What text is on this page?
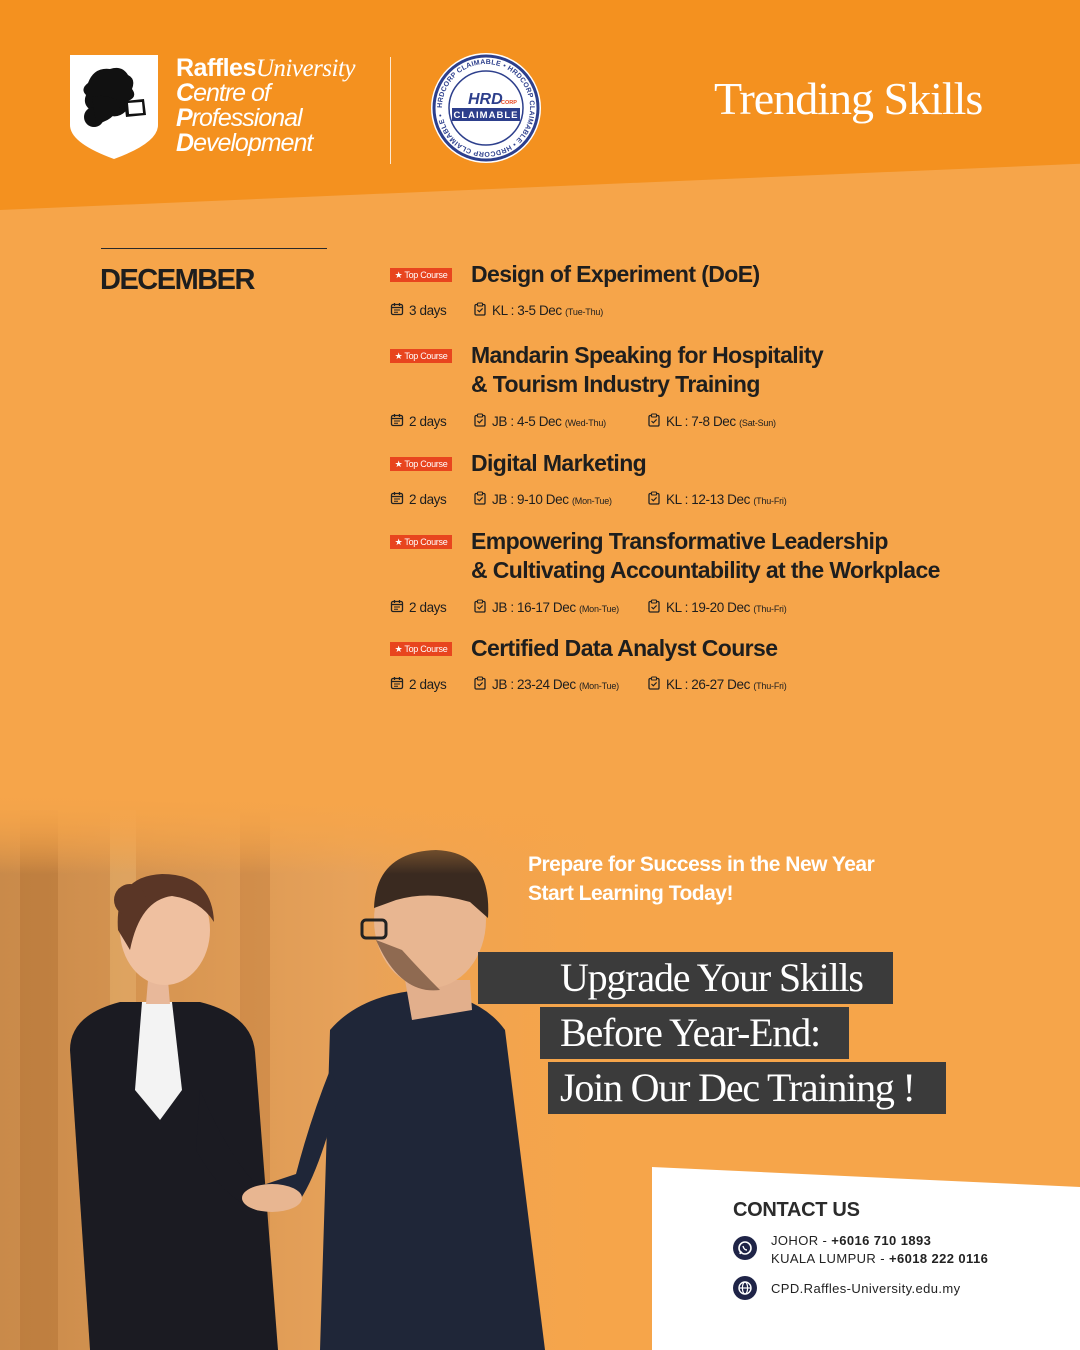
RafflesUniversity
Centre of
Professional
Development
HRDCORP CLAIMABLE • HRDCORP CLAIMABLE • HRDCORP CLAIMABLE •
HRD
CORP
CLAIMABLE	Trending Skills
DECEMBER	★ Top Course Design of Experiment (DoE)
3 days	KL : 3-5 Dec (Tue-Thu)
★ Top Course Mandarin Speaking for Hospitality
& Tourism Industry Training
2 days	JB : 4-5 Dec (Wed-Thu)	KL : 7-8 Dec (Sat-Sun)
★ Top Course Digital Marketing
2 days	JB : 9-10 Dec (Mon-Tue)	KL : 12-13 Dec (Thu-Fri)
★ Top Course Empowering Transformative Leadership
& Cultivating Accountability at the Workplace
2 days	JB : 16-17 Dec (Mon-Tue)	KL : 19-20 Dec (Thu-Fri)
★ Top Course Certified Data Analyst Course
2 days	JB : 23-24 Dec (Mon-Tue)	KL : 26-27 Dec (Thu-Fri)
Prepare for Success in the New Year
Start Learning Today!
Upgrade Your Skills
Before Year-End:
Join Our Dec Training !
CONTACT US
JOHOR - +6016 710 1893
KUALA LUMPUR - +6018 222 0116
CPD.Raffles-University.edu.my
